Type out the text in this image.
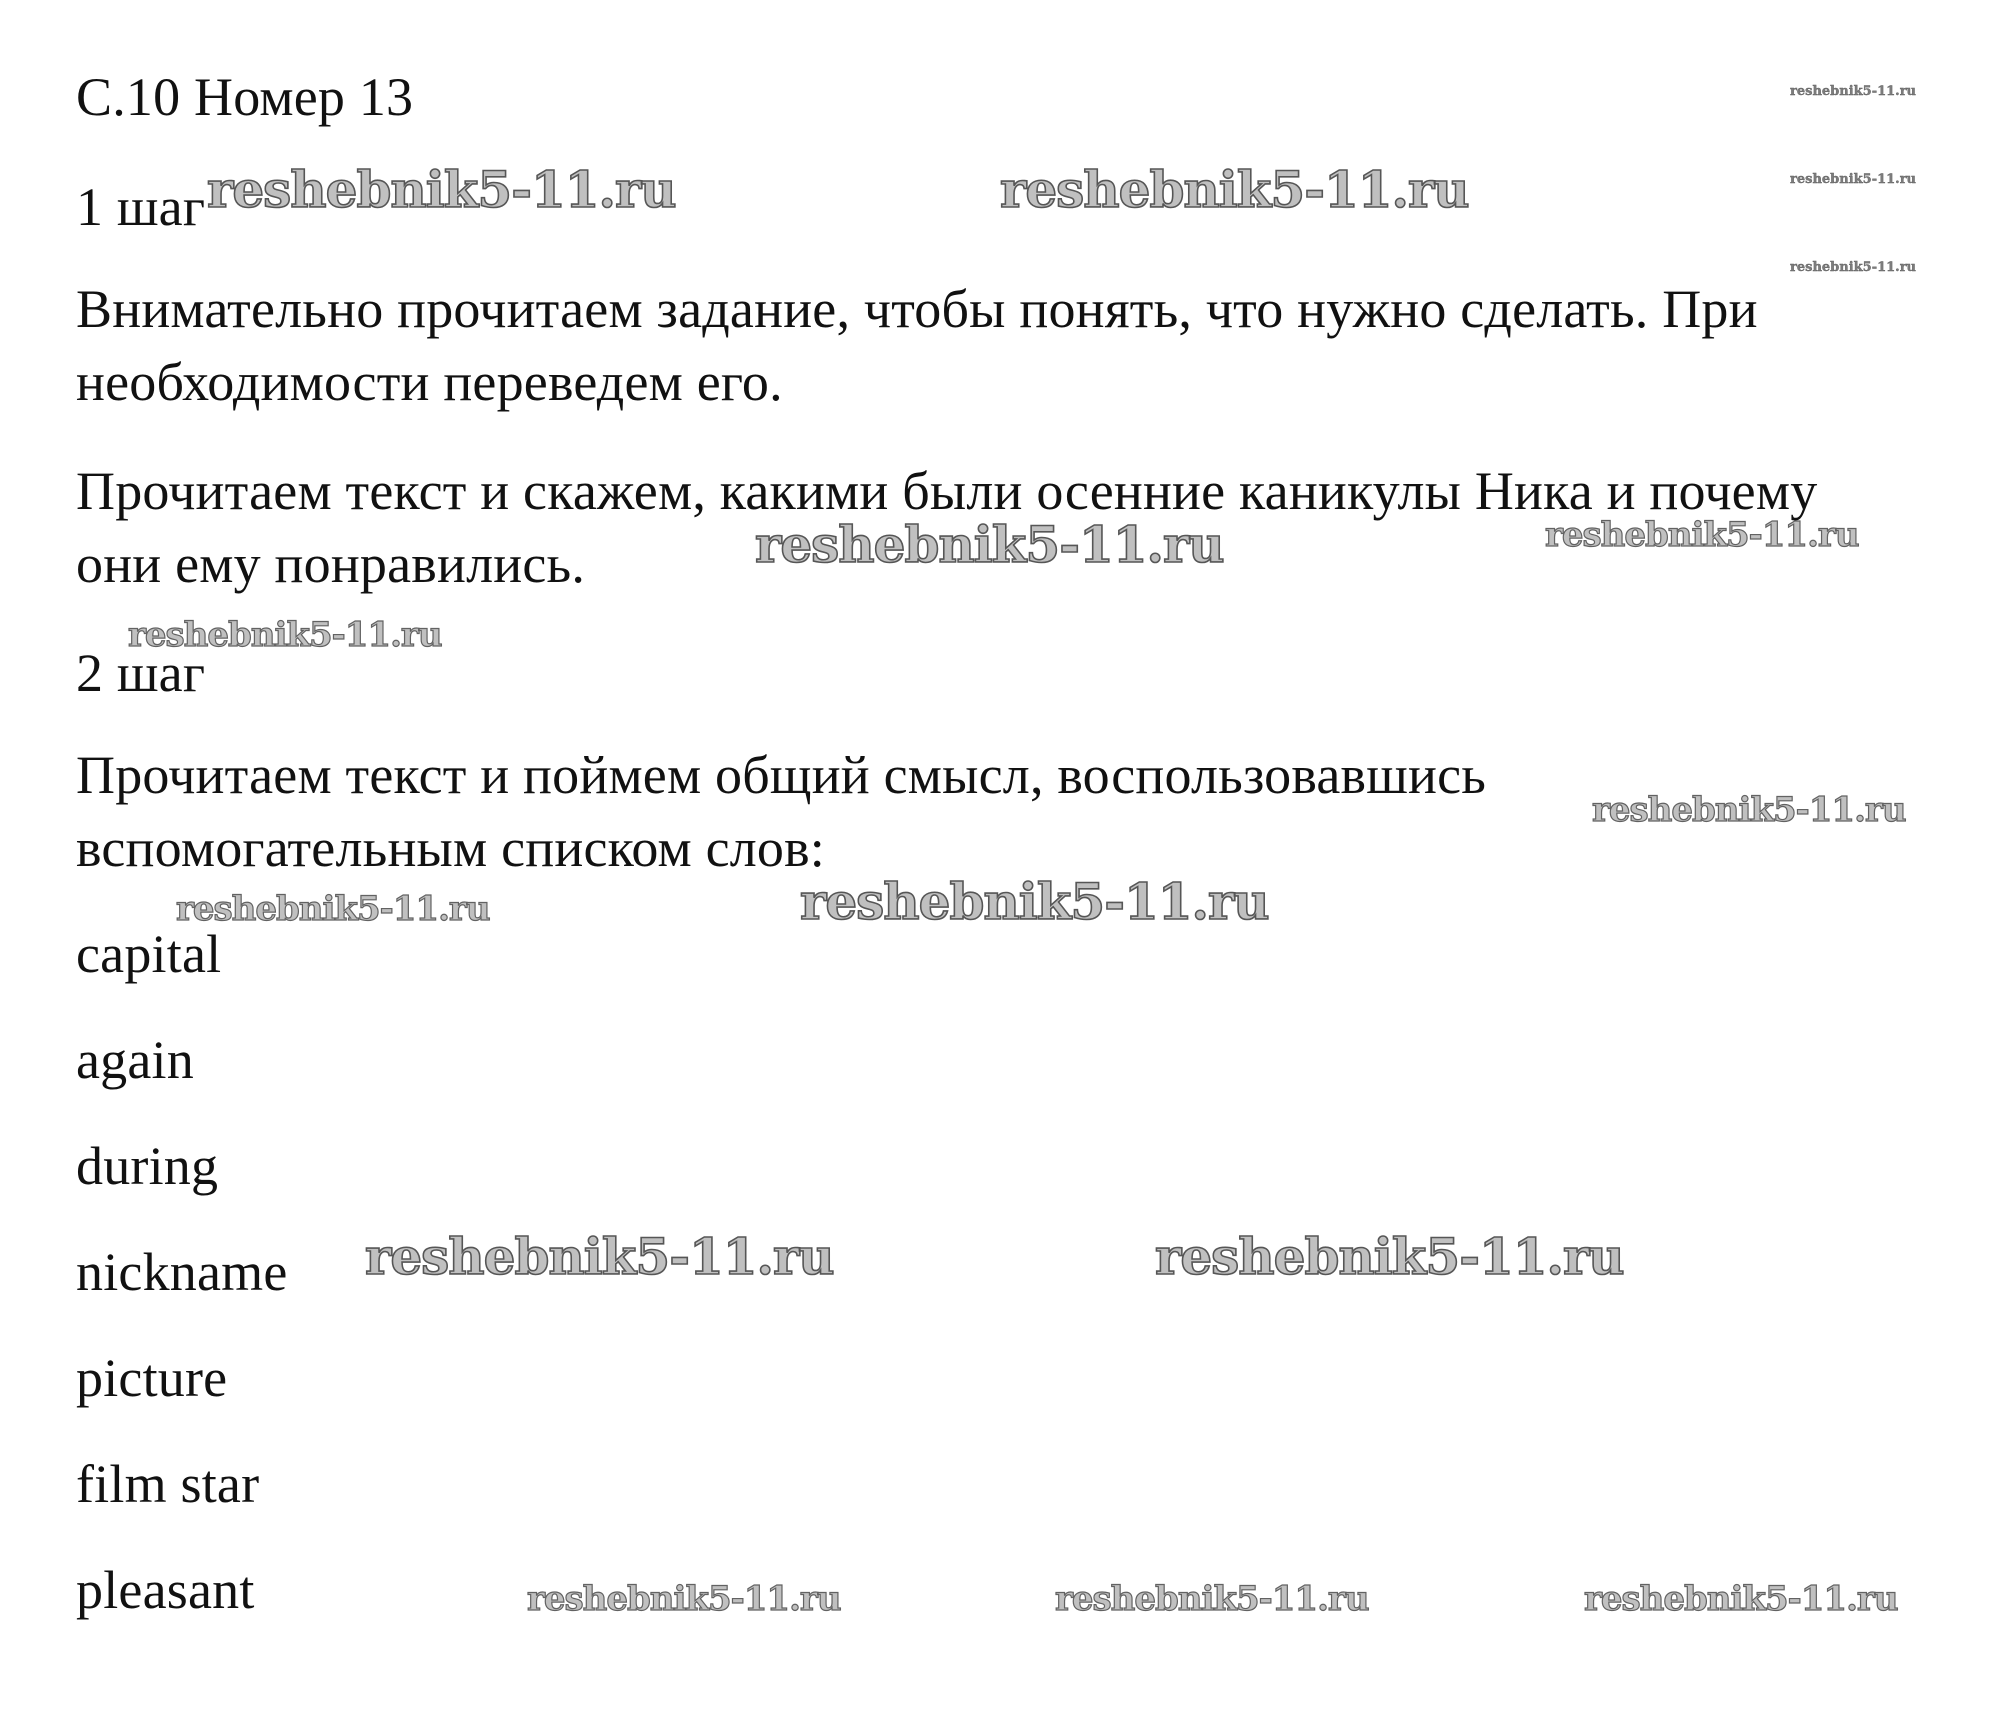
С.10 Номер 13
1 шаг
Внимательно прочитаем задание, чтобы понять, что нужно сделать. При
необходимости переведем его.
Прочитаем текст и скажем, какими были осенние каникулы Ника и почему
они ему понравились.
2 шаг
Прочитаем текст и поймем общий смысл, воспользовавшись
вспомогательным списком слов:
capital
again
during
nickname
picture
film star
pleasant
reshebnik5-11.ru
reshebnik5-11.ru
reshebnik5-11.ru
reshebnik5-11.ru	reshebnik5-11.ru
reshebnik5-11.ru	reshebnik5-11.ru
reshebnik5-11.ru
reshebnik5-11.ru
reshebnik5-11.ru	reshebnik5-11.ru
reshebnik5-11.ru	reshebnik5-11.ru
reshebnik5-11.ru	reshebnik5-11.ru	reshebnik5-11.ru
